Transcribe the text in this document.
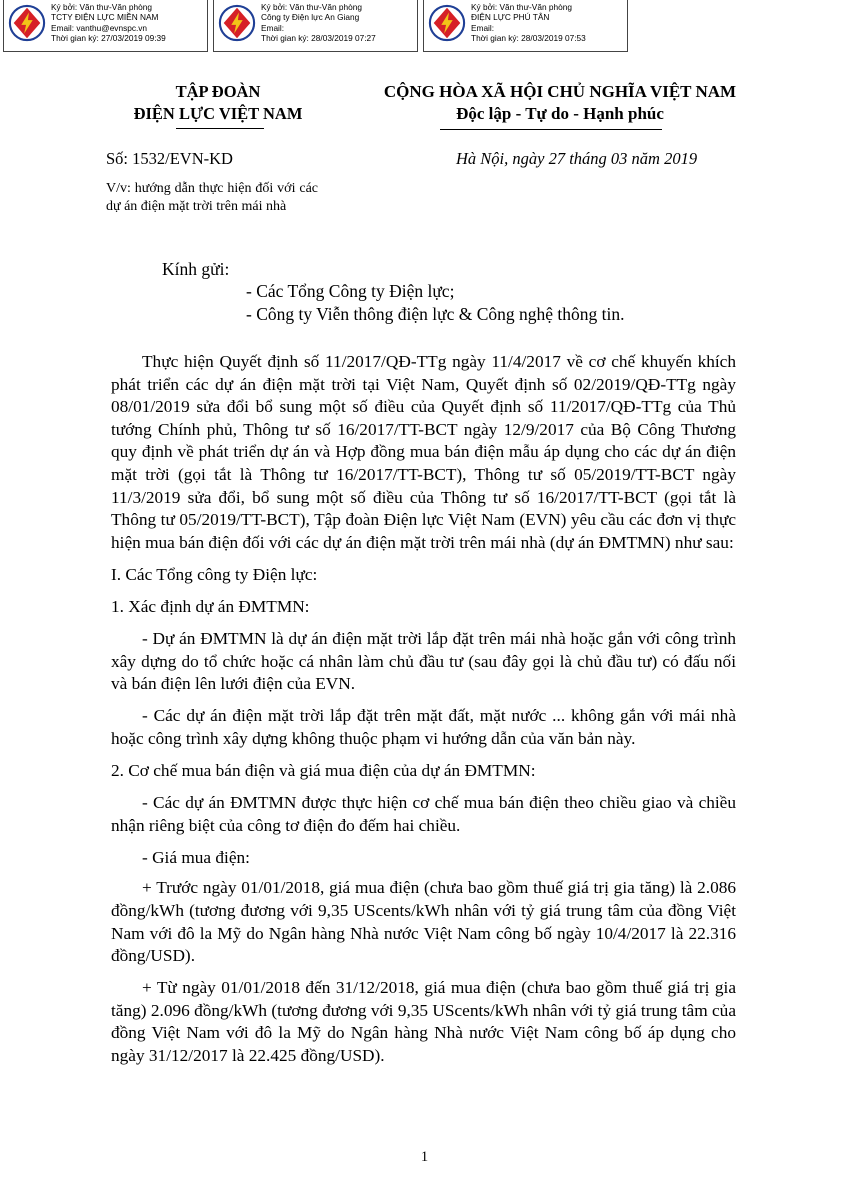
Ký bởi: Văn thư-Văn phòng
TCTY ĐIỆN LỰC MIỀN NAM
Email: vanthu@evnspc.vn
Thời gian ký: 27/03/2019 09:39
Ký bởi: Văn thư-Văn phòng
Công ty Điện lực An Giang
Email:
Thời gian ký: 28/03/2019 07:27
Ký bởi: Văn thư-Văn phòng
ĐIỆN LỰC PHÚ TÂN
Email:
Thời gian ký: 28/03/2019 07:53
TẬP ĐOÀN
ĐIỆN LỰC VIỆT NAM
CỘNG HÒA XÃ HỘI CHỦ NGHĨA VIỆT NAM
Độc lập - Tự do - Hạnh phúc
Số: 1532/EVN-KD	Hà Nội, ngày 27 tháng 03 năm 2019
V/v: hướng dẫn thực hiện đối với các dự án điện mặt trời trên mái nhà
Kính gửi:
- Các Tổng Công ty Điện lực;
- Công ty Viễn thông điện lực & Công nghệ thông tin.

Thực hiện Quyết định số 11/2017/QĐ-TTg ngày 11/4/2017 về cơ chế khuyến khích phát triển các dự án điện mặt trời tại Việt Nam, Quyết định số 02/2019/QĐ-TTg ngày 08/01/2019 sửa đổi bổ sung một số điều của Quyết định số 11/2017/QĐ-TTg của Thủ tướng Chính phủ, Thông tư số 16/2017/TT-BCT ngày 12/9/2017 của Bộ Công Thương quy định về phát triển dự án và Hợp đồng mua bán điện mẫu áp dụng cho các dự án điện mặt trời (gọi tắt là Thông tư 16/2017/TT-BCT), Thông tư số 05/2019/TT-BCT ngày 11/3/2019 sửa đổi, bổ sung một số điều của Thông tư số 16/2017/TT-BCT (gọi tắt là Thông tư 05/2019/TT-BCT), Tập đoàn Điện lực Việt Nam (EVN) yêu cầu các đơn vị thực hiện mua bán điện đối với các dự án điện mặt trời trên mái nhà (dự án ĐMTMN) như sau:

I. Các Tổng công ty Điện lực:

1. Xác định dự án ĐMTMN:

- Dự án ĐMTMN là dự án điện mặt trời lắp đặt trên mái nhà hoặc gắn với công trình xây dựng do tổ chức hoặc cá nhân làm chủ đầu tư (sau đây gọi là chủ đầu tư) có đấu nối và bán điện lên lưới điện của EVN.

- Các dự án điện mặt trời lắp đặt trên mặt đất, mặt nước ... không gắn với mái nhà hoặc công trình xây dựng không thuộc phạm vi hướng dẫn của văn bản này.

2. Cơ chế mua bán điện và giá mua điện của dự án ĐMTMN:

- Các dự án ĐMTMN được thực hiện cơ chế mua bán điện theo chiều giao và chiều nhận riêng biệt của công tơ điện đo đếm hai chiều.

- Giá mua điện:

+ Trước ngày 01/01/2018, giá mua điện (chưa bao gồm thuế giá trị gia tăng) là 2.086 đồng/kWh (tương đương với 9,35 UScents/kWh nhân với tỷ giá trung tâm của đồng Việt Nam với đô la Mỹ do Ngân hàng Nhà nước Việt Nam công bố ngày 10/4/2017 là 22.316 đồng/USD).

+ Từ ngày 01/01/2018 đến 31/12/2018, giá mua điện (chưa bao gồm thuế giá trị gia tăng) 2.096 đồng/kWh (tương đương với 9,35 UScents/kWh nhân với tỷ giá trung tâm của đồng Việt Nam với đô la Mỹ do Ngân hàng Nhà nước Việt Nam công bố áp dụng cho ngày 31/12/2017 là 22.425 đồng/USD).

1
